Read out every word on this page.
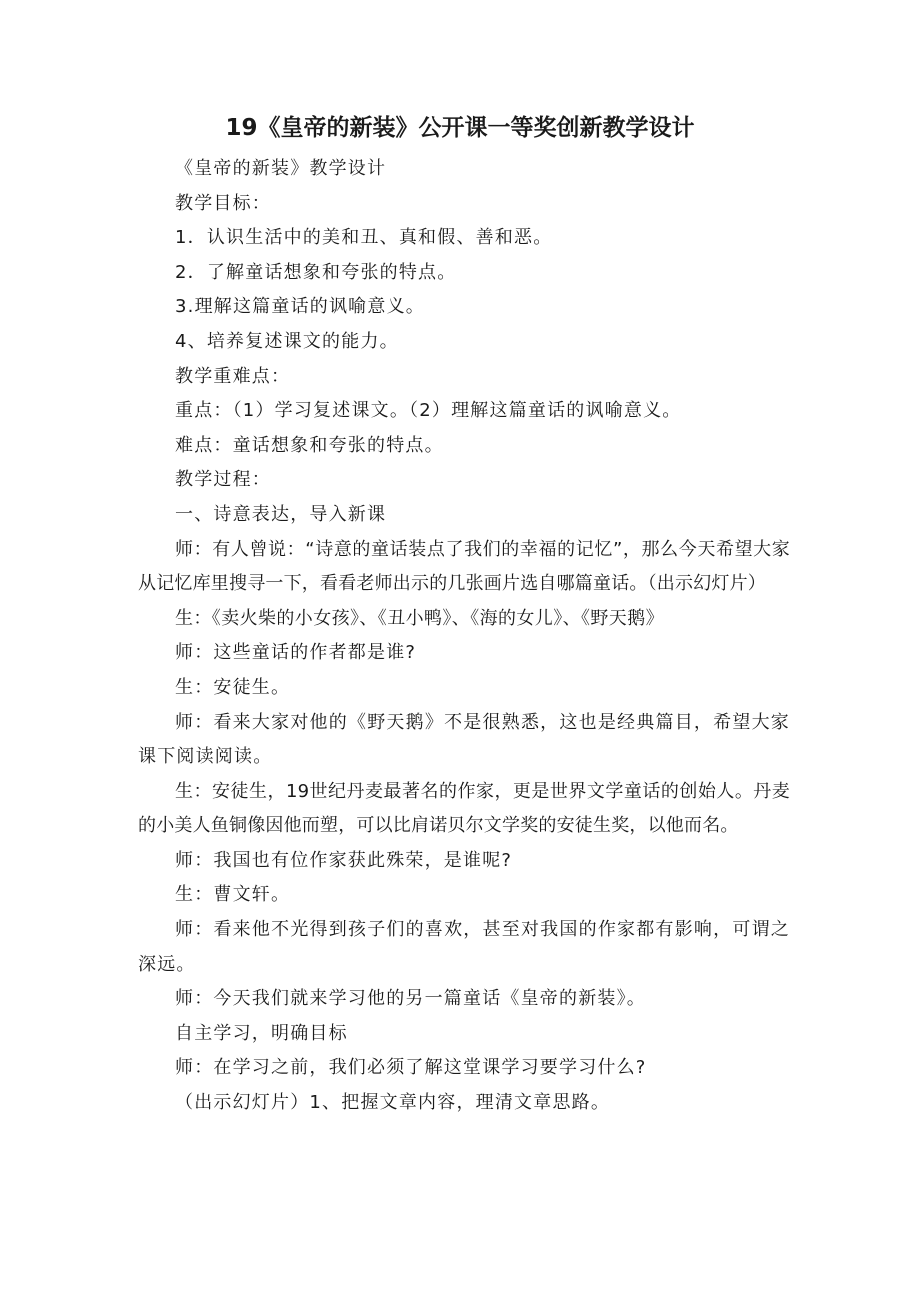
19《皇帝的新装》公开课一等奖创新教学设计

《皇帝的新装》教学设计

教学目标：

1．认识生活中的美和丑、真和假、善和恶。

2．了解童话想象和夸张的特点。

3.理解这篇童话的讽喻意义。

4、培养复述课文的能力。

教学重难点：

重点：（1）学习复述课文。（2）理解这篇童话的讽喻意义。

难点：童话想象和夸张的特点。

教学过程：

一、诗意表达，导入新课

师：有人曾说：“诗意的童话装点了我们的幸福的记忆”，那么今天希望大家从记忆库里搜寻一下，看看老师出示的几张画片选自哪篇童话。（出示幻灯片）

生：《卖火柴的小女孩》、《丑小鸭》、《海的女儿》、《野天鹅》

师：这些童话的作者都是谁?

生：安徒生。

师：看来大家对他的《野天鹅》不是很熟悉，这也是经典篇目，希望大家课下阅读阅读。

生：安徒生，19世纪丹麦最著名的作家，更是世界文学童话的创始人。丹麦的小美人鱼铜像因他而塑，可以比肩诺贝尔文学奖的安徒生奖，以他而名。

师：我国也有位作家获此殊荣，是谁呢?

生：曹文轩。

师：看来他不光得到孩子们的喜欢，甚至对我国的作家都有影响，可谓之深远。

师：今天我们就来学习他的另一篇童话《皇帝的新装》。

自主学习，明确目标

师：在学习之前，我们必须了解这堂课学习要学习什么?

（出示幻灯片）1、把握文章内容，理清文章思路。
